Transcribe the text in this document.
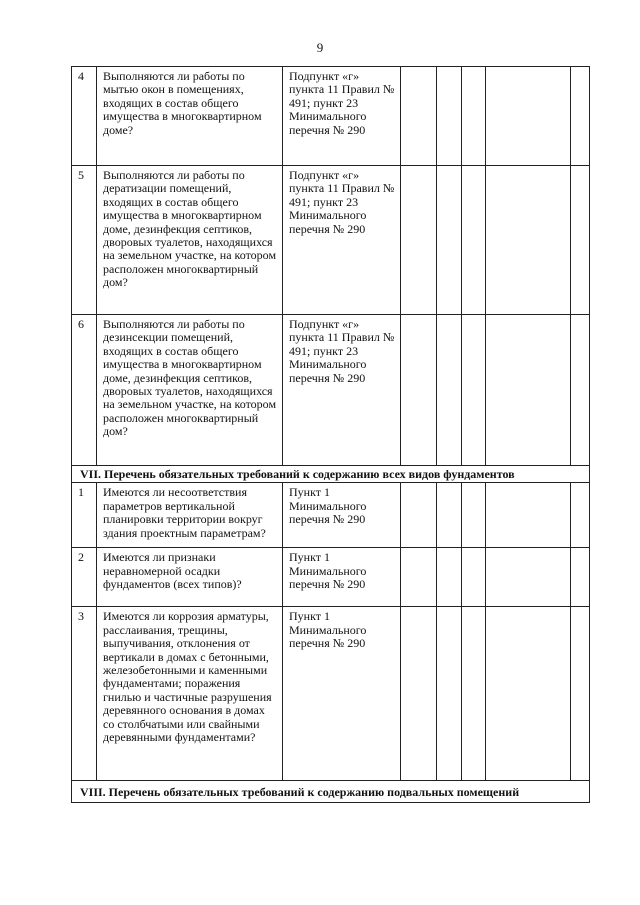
9
4	Выполняются ли работы по мытью окон в помещениях, входящих в состав общего имущества в многоквартирном доме?	Подпункт «г» пункта 11 Правил № 491; пункт 23 Минимального перечня № 290					

5	Выполняются ли работы по дератизации помещений, входящих в состав общего имущества в многоквартирном доме, дезинфекция септиков, дворовых туалетов, находящихся на земельном участке, на котором расположен многоквартирный дом?	Подпункт «г» пункта 11 Правил № 491; пункт 23 Минимального перечня № 290					

6	Выполняются ли работы по дезинсекции помещений, входящих в состав общего имущества в многоквартирном доме, дезинфекция септиков, дворовых туалетов, находящихся на земельном участке, на котором расположен многоквартирный дом?	Подпункт «г» пункта 11 Правил № 491; пункт 23 Минимального перечня № 290					

VII. Перечень обязательных требований к содержанию всех видов фундаментов							
1	Имеются ли несоответствия параметров вертикальной планировки территории вокруг здания проектным параметрам?	Пункт 1 Минимального перечня № 290					

2	Имеются ли признаки неравномерной осадки фундаментов (всех типов)?	Пункт 1 Минимального перечня № 290					

3	Имеются ли коррозия арматуры, расслаивания, трещины, выпучивания, отклонения от вертикали в домах с бетонными, железобетонными и каменными фундаментами; поражения гнилью и частичные разрушения деревянного основания в домах со столбчатыми или свайными деревянными фундаментами?	Пункт 1 Минимального перечня № 290					

VIII. Перечень обязательных требований к содержанию подвальных помещений							
